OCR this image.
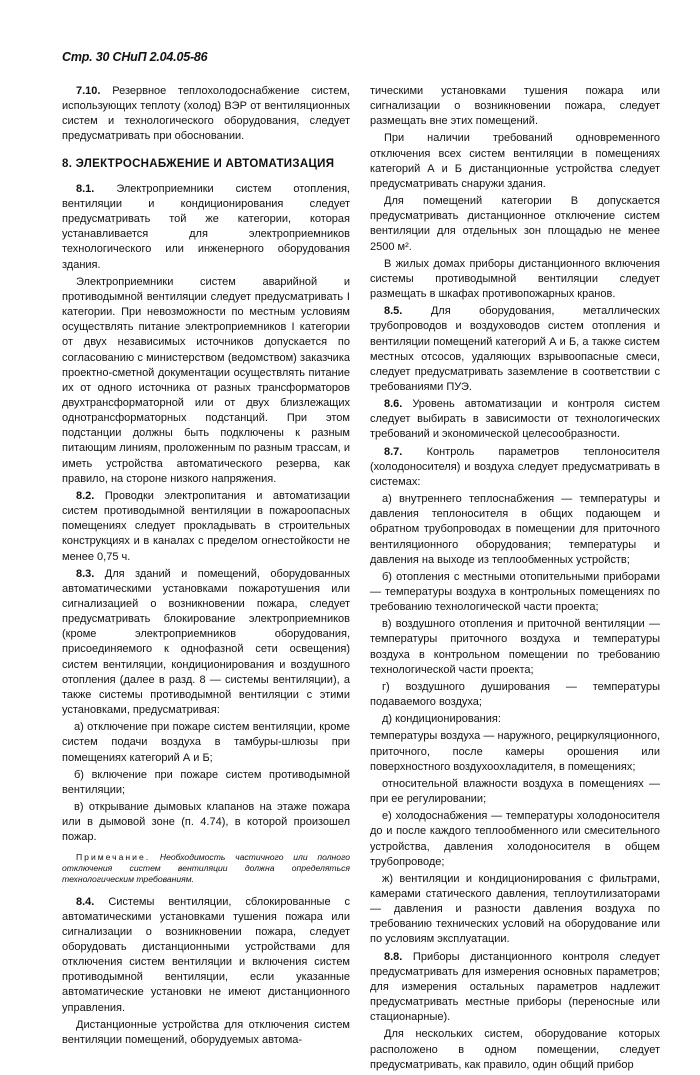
Стр. 30 СНиП 2.04.05-86

7.10. Резервное теплохолодоснабжение систем, использующих теплоту (холод) ВЭР от вентиляционных систем и технологического оборудования, следует предусматривать при обосновании.

8. ЭЛЕКТРОСНАБЖЕНИЕ И АВТОМАТИЗАЦИЯ

8.1. Электроприемники систем отопления, вентиляции и кондиционирования следует предусматривать той же категории, которая устанавливается для электроприемников технологического или инженерного оборудования здания.

Электроприемники систем аварийной и противодымной вентиляции следует предусматривать I категории. При невозможности по местным условиям осуществлять питание электроприемников I категории от двух независимых источников допускается по согласованию с министерством (ведомством) заказчика проектно-сметной документации осуществлять питание их от одного источника от разных трансформаторов двухтрансформаторной или от двух близлежащих однотрансформаторных подстанций. При этом подстанции должны быть подключены к разным питающим линиям, проложенным по разным трассам, и иметь устройства автоматического резерва, как правило, на стороне низкого напряжения.

8.2. Проводки электропитания и автоматизации систем противодымной вентиляции в пожароопасных помещениях следует прокладывать в строительных конструкциях и в каналах с пределом огнестойкости не менее 0,75 ч.

8.3. Для зданий и помещений, оборудованных автоматическими установками пожаротушения или сигнализацией о возникновении пожара, следует предусматривать блокирование электроприемников (кроме электроприемников оборудования, присоединяемого к однофазной сети освещения) систем вентиляции, кондиционирования и воздушного отопления (далее в разд. 8 — системы вентиляции), а также системы противодымной вентиляции с этими установками, предусматривая:

а) отключение при пожаре систем вентиляции, кроме систем подачи воздуха в тамбуры-шлюзы при помещениях категорий А и Б;

б) включение при пожаре систем противодымной вентиляции;

в) открывание дымовых клапанов на этаже пожара или в дымовой зоне (п. 4.74), в которой произошел пожар.

Примечание. Необходимость частичного или полного отключения систем вентиляции должна определяться технологическим требованиям.

8.4. Системы вентиляции, сблокированные с автоматическими установками тушения пожара или сигнализации о возникновении пожара, следует оборудовать дистанционными устройствами для отключения систем вентиляции и включения систем противодымной вентиляции, если указанные автоматические установки не имеют дистанционного управления.

Дистанционные устройства для отключения систем вентиляции помещений, оборудуемых автома-

тическими установками тушения пожара или сигнализации о возникновении пожара, следует размещать вне этих помещений.

При наличии требований одновременного отключения всех систем вентиляции в помещениях категорий А и Б дистанционные устройства следует предусматривать снаружи здания.

Для помещений категории В допускается предусматривать дистанционное отключение систем вентиляции для отдельных зон площадью не менее 2500 м².

В жилых домах приборы дистанционного включения системы противодымной вентиляции следует размещать в шкафах противопожарных кранов.

8.5.	Для оборудования, металлических трубопроводов и воздуховодов систем отопления и вентиляции помещений категорий А и Б, а также систем местных отсосов, удаляющих взрывоопасные смеси, следует предусматривать заземление в соответствии с требованиями ПУЭ.

8.6. Уровень автоматизации и контроля систем следует выбирать в зависимости от технологических требований и экономической целесообразности.

8.7. Контроль параметров теплоносителя (холодоносителя) и воздуха следует предусматривать в системах:

а) внутреннего теплоснабжения — температуры и давления теплоносителя в общих подающем и обратном трубопроводах в помещении для приточного вентиляционного оборудования; температуры и давления на выходе из теплообменных устройств;

б) отопления с местными отопительными приборами — температуры воздуха в контрольных помещениях по требованию технологической части проекта;

в) воздушного отопления и приточной вентиляции — температуры приточного воздуха и температуры воздуха в контрольном помещении по требованию технологической части проекта;

г) воздушного душирования — температуры подаваемого воздуха;

д) кондиционирования:

температуры воздуха — наружного, рециркуляционного, приточного, после камеры орошения или поверхностного воздухоохладителя, в помещениях;

относительной влажности воздуха в помещениях — при ее регулировании;

е) холодоснабжения — температуры холодоносителя до и после каждого теплообменного или смесительного устройства, давления холодоносителя в общем трубопроводе;

ж) вентиляции и кондиционирования с фильтрами, камерами статического давления, теплоутилизаторами — давления и разности давления воздуха по требованию технических условий на оборудование или по условиям эксплуатации.

8.8. Приборы дистанционного контроля следует предусматривать для измерения основных параметров; для измерения остальных параметров надлежит предусматривать местные приборы (переносные или стационарные).

Для нескольких систем, оборудование которых расположено в одном помещении, следует предусматривать, как правило, один общий прибор
